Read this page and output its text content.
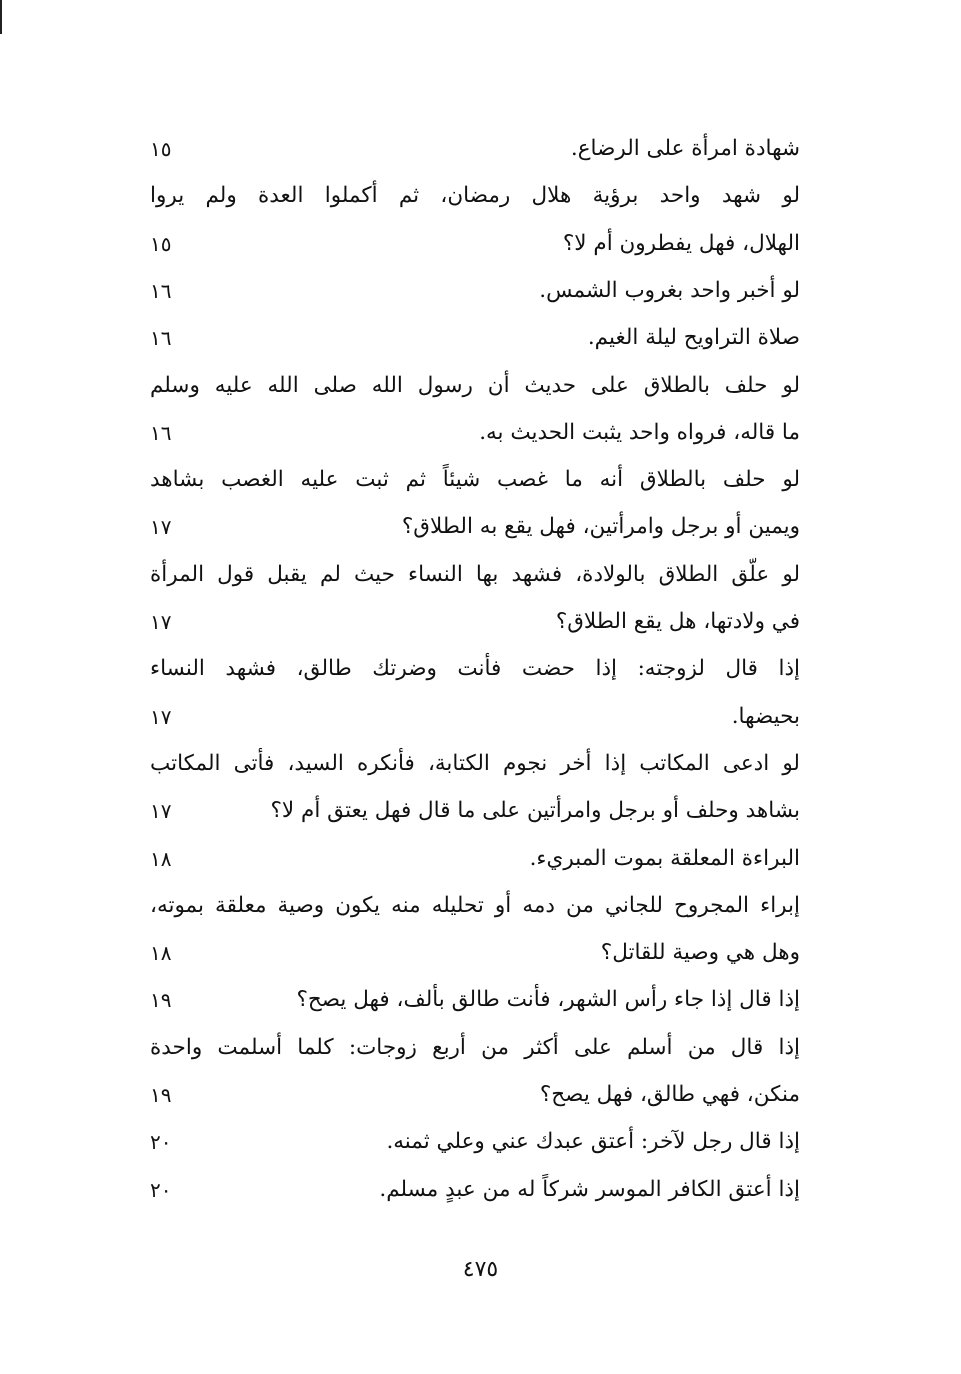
شهادة امرأة على الرضاع.
١٥
لو شهد واحد برؤية هلال رمضان، ثم أكملوا العدة ولم يروا
الهلال، فهل يفطرون أم لا؟
١٥
لو أخبر واحد بغروب الشمس.
١٦
صلاة التراويح ليلة الغيم.
١٦
لو حلف بالطلاق على حديث أن رسول الله صلى الله عليه وسلم
ما قاله، فرواه واحد يثبت الحديث به.
١٦
لو حلف بالطلاق أنه ما غصب شيئاً ثم ثبت عليه الغصب بشاهد
ويمين أو برجل وامرأتين، فهل يقع به الطلاق؟
١٧
لو علّق الطلاق بالولادة، فشهد بها النساء حيث لم يقبل قول المرأة
في ولادتها، هل يقع الطلاق؟
١٧
إذا قال لزوجته: إذا حضت فأنت وضرتك طالق، فشهد النساء
بحيضها.
١٧
لو ادعى المكاتب إذا أخر نجوم الكتابة، فأنكره السيد، فأتى المكاتب
بشاهد وحلف أو برجل وامرأتين على ما قال فهل يعتق أم لا؟
١٧
البراءة المعلقة بموت المبريء.
١٨
إبراء المجروح للجاني من دمه أو تحليله منه يكون وصية معلقة بموته،
وهل هي وصية للقاتل؟
١٨
إذا قال إذا جاء رأس الشهر، فأنت طالق بألف، فهل يصح؟
١٩
إذا قال من أسلم على أكثر من أربع زوجات: كلما أسلمت واحدة
منكن، فهي طالق، فهل يصح؟
١٩
إذا قال رجل لآخر: أعتق عبدك عني وعلي ثمنه.
٢٠
إذا أعتق الكافر الموسر شركاً له من عبدٍ مسلم.
٢٠
٤٧٥
